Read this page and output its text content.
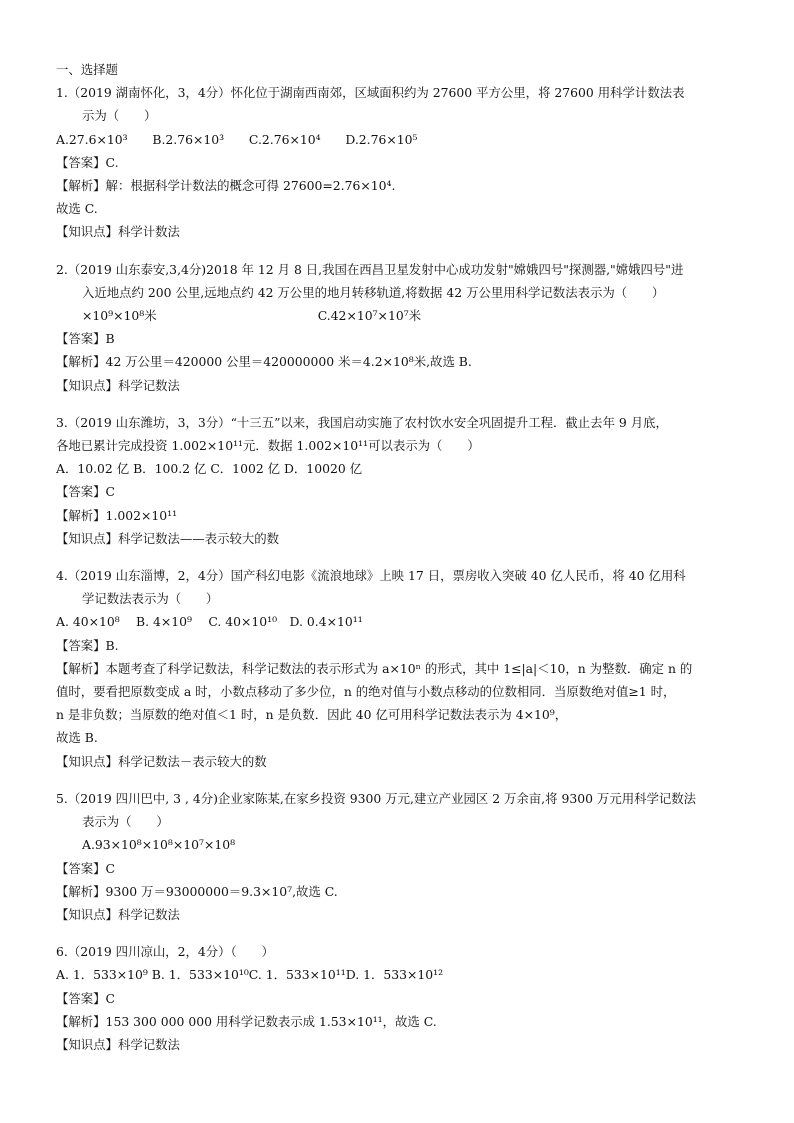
一、选择题
1.（2019 湖南怀化，3，4分）怀化位于湖南西南郊，区域面积约为 27600 平方公里，将 27600 用科学计数法表
示为（　　）
A.27.6×10³　　B.2.76×10³　　C.2.76×10⁴　　D.2.76×10⁵
【答案】C.
【解析】解：根据科学计数法的概念可得 27600=2.76×10⁴.
故选 C.
【知识点】科学计数法
2.（2019 山东泰安,3,4分)2018 年 12 月 8 日,我国在西昌卫星发射中心成功发射"嫦娥四号"探测器,"嫦娥四号"进
入近地点约 200 公里,远地点约 42 万公里的地月转移轨道,将数据 42 万公里用科学记数法表示为（　　）
×10⁹×10⁸米　　　　　　　　　　　　　C.42×10⁷×10⁷米
【答案】B
【解析】42 万公里＝420000 公里＝420000000 米＝4.2×10⁸米,故选 B.
【知识点】科学记数法
3.（2019 山东潍坊，3，3分）“十三五”以来，我国启动实施了农村饮水安全巩固提升工程．截止去年 9 月底，
各地已累计完成投资 1.002×10¹¹元．数据 1.002×10¹¹可以表示为（　　）
A．10.02 亿 B．100.2 亿 C．1002 亿 D．10020 亿
【答案】C
【解析】1.002×10¹¹
【知识点】科学记数法——表示较大的数
4.（2019 山东淄博，2，4分）国产科幻电影《流浪地球》上映 17 日，票房收入突破 40 亿人民币，将 40 亿用科
学记数法表示为（　　）
A. 40×10⁸　 B. 4×10⁹　 C. 40×10¹⁰　D. 0.4×10¹¹
【答案】B.
【解析】本题考查了科学记数法，科学记数法的表示形式为 a×10ⁿ 的形式，其中 1≤|a|＜10，n 为整数．确定 n 的
值时，要看把原数变成 a 时，小数点移动了多少位，n 的绝对值与小数点移动的位数相同．当原数绝对值≥1 时，
n 是非负数；当原数的绝对值＜1 时，n 是负数．因此 40 亿可用科学记数法表示为 4×10⁹，
故选 B.
【知识点】科学记数法－表示较大的数
5.（2019 四川巴中, 3 , 4分)企业家陈某,在家乡投资 9300 万元,建立产业园区 2 万余亩,将 9300 万元用科学记数法
表示为（　　）
A.93×10⁸×10⁸×10⁷×10⁸
【答案】C
【解析】9300 万＝93000000＝9.3×10⁷,故选 C.
【知识点】科学记数法
6.（2019 四川凉山，2，4分）（　　）
A. 1．533×10⁹ B. 1．533×10¹⁰C. 1．533×10¹¹D. 1．533×10¹²
【答案】C
【解析】153 300 000 000 用科学记数表示成 1.53×10¹¹，故选 C.
【知识点】科学记数法
